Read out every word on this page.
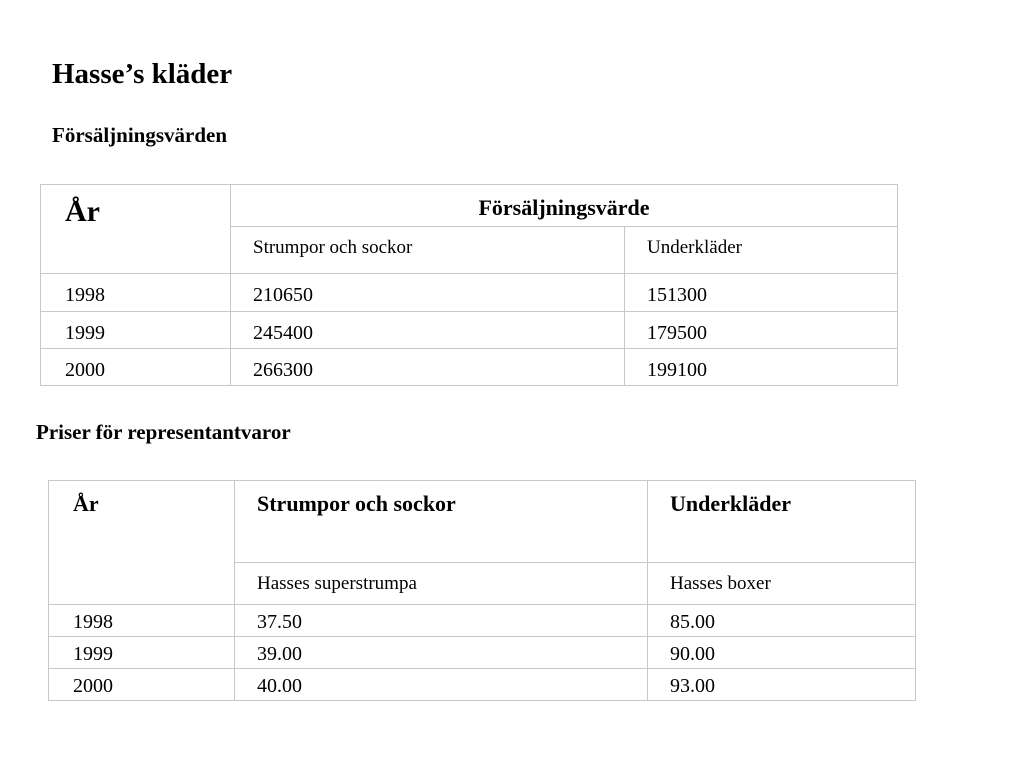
Hasse’s kläder
Försäljningsvärden
År	Försäljningsvärde	
	Strumpor och sockor	Underkläder
1998	210650	151300
1999	245400	179500
2000	266300	199100
Priser för representantvaror
År	Strumpor och sockor	Underkläder
	Hasses superstrumpa	Hasses boxer
1998	37.50	85.00
1999	39.00	90.00
2000	40.00	93.00
